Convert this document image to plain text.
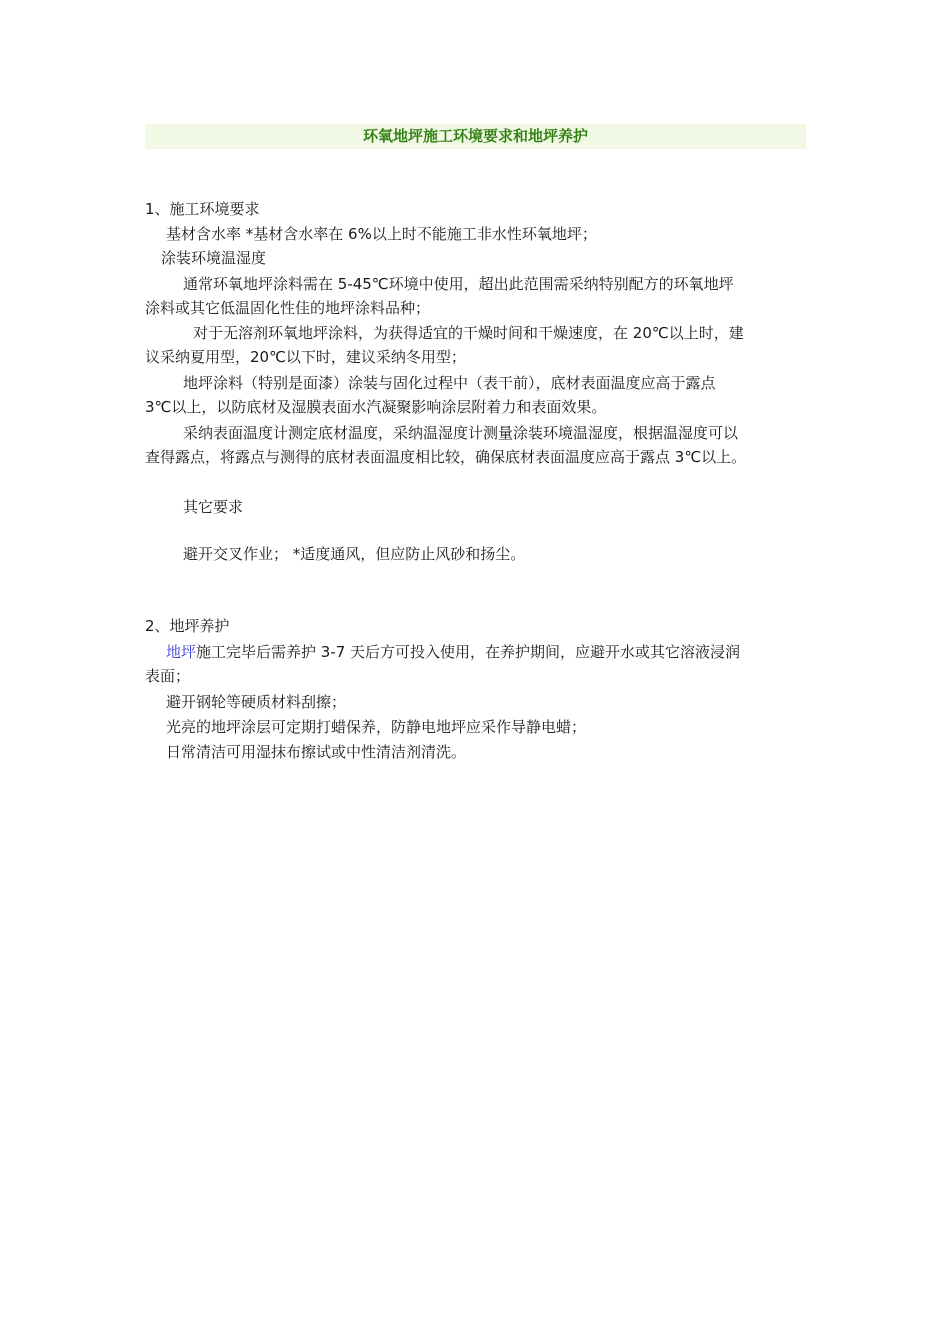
环氧地坪施工环境要求和地坪养护
1、施工环境要求
基材含水率 *基材含水率在 6%以上时不能施工非水性环氧地坪；
涂装环境温湿度
通常环氧地坪涂料需在 5-45℃环境中使用，超出此范围需采纳特别配方的环氧地坪
涂料或其它低温固化性佳的地坪涂料品种；
对于无溶剂环氧地坪涂料，为获得适宜的干燥时间和干燥速度，在 20℃以上时，建
议采纳夏用型，20℃以下时，建议采纳冬用型；
地坪涂料（特别是面漆）涂装与固化过程中（表干前），底材表面温度应高于露点
3℃以上，以防底材及湿膜表面水汽凝聚影响涂层附着力和表面效果。
采纳表面温度计测定底材温度，采纳温湿度计测量涂装环境温湿度，根据温湿度可以
查得露点，将露点与测得的底材表面温度相比较，确保底材表面温度应高于露点 3℃以上。
其它要求
避开交叉作业； *适度通风，但应防止风砂和扬尘。
2、地坪养护
地坪施工完毕后需养护 3-7 天后方可投入使用，在养护期间，应避开水或其它溶液浸润
表面；
避开钢轮等硬质材料刮擦；
光亮的地坪涂层可定期打蜡保养，防静电地坪应采作导静电蜡；
日常清洁可用湿抹布擦试或中性清洁剂清洗。
